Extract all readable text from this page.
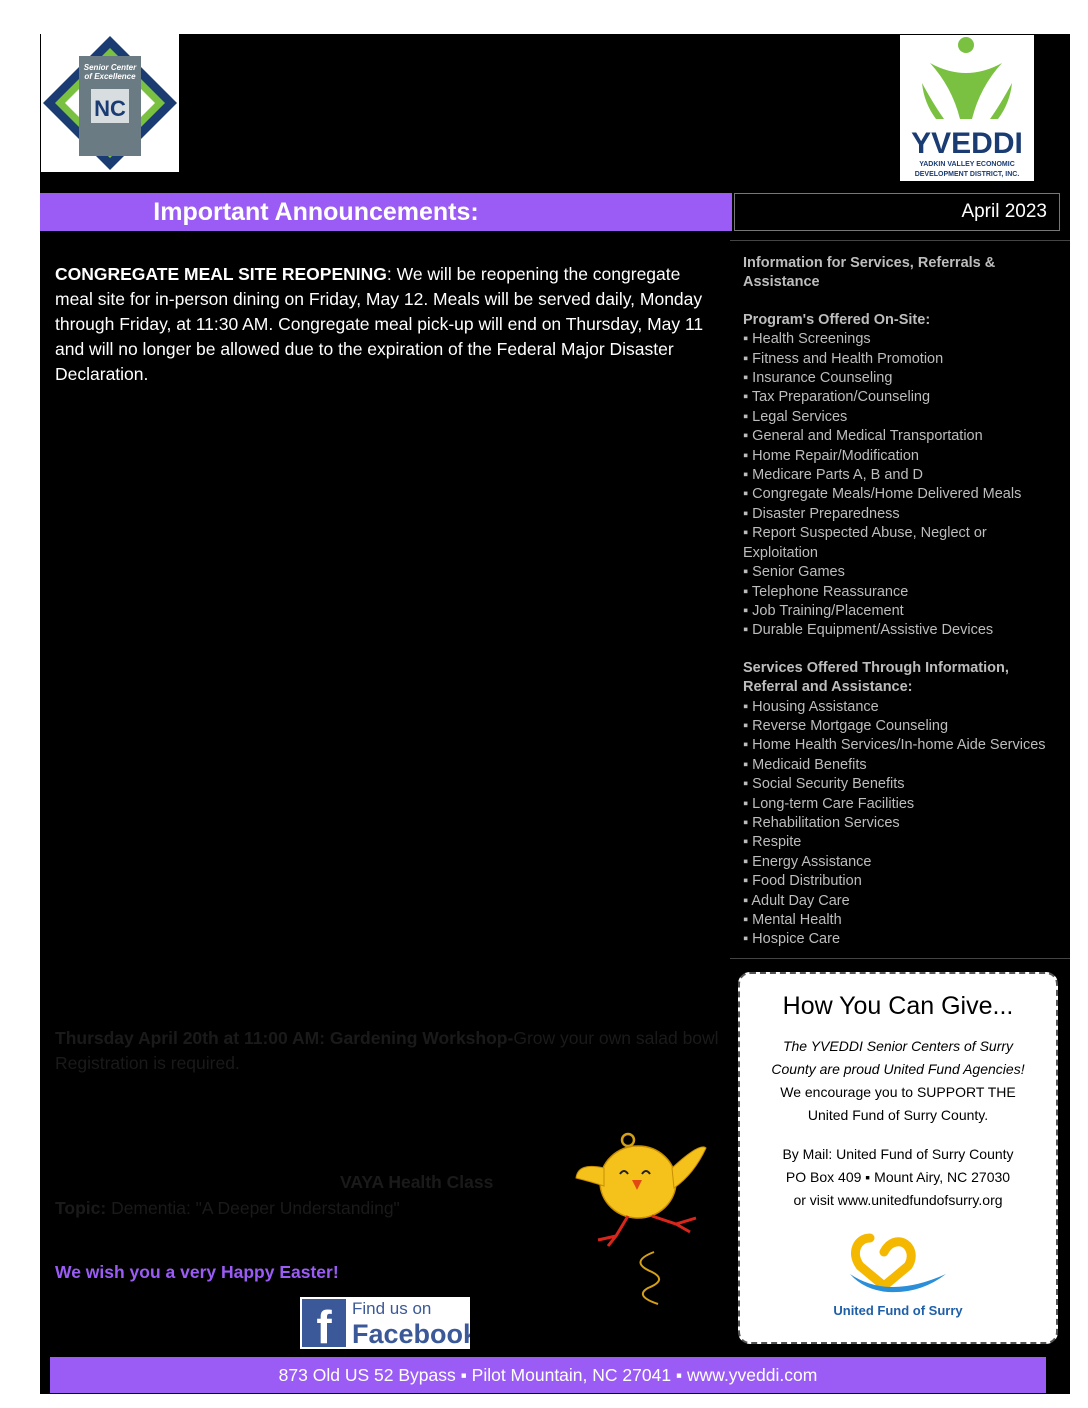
Senior Center
of Excellence
NC
YVEDDI
YADKIN VALLEY ECONOMIC
DEVELOPMENT DISTRICT, INC.
Important Announcements:	April 2023
CONGREGATE MEAL SITE REOPENING: We will be reopening the congregate meal site for in-person dining on Friday, May 12. Meals will be served daily, Monday through Friday, at 11:30 AM. Congregate meal pick-up will end on Thursday, May 11 and will no longer be allowed due to the expiration of the Federal Major Disaster Declaration.
Information for Services, Referrals & Assistance
Program's Offered On-Site:
▪ Health Screenings
▪ Fitness and Health Promotion
▪ Insurance Counseling
▪ Tax Preparation/Counseling
▪ Legal Services
▪ General and Medical Transportation
▪ Home Repair/Modification
▪ Medicare Parts A, B and D
▪ Congregate Meals/Home Delivered Meals
▪ Disaster Preparedness
▪ Report Suspected Abuse, Neglect or Exploitation
▪ Senior Games
▪ Telephone Reassurance
▪ Job Training/Placement
▪ Durable Equipment/Assistive Devices
Services Offered Through Information, Referral and Assistance:
▪ Housing Assistance
▪ Reverse Mortgage Counseling
▪ Home Health Services/In-home Aide Services
▪ Medicaid Benefits
▪ Social Security Benefits
▪ Long-term Care Facilities
▪ Rehabilitation Services
▪ Respite
▪ Energy Assistance
▪ Food Distribution
▪ Adult Day Care
▪ Mental Health
▪ Hospice Care
How You Can Give...
The YVEDDI Senior Centers of Surry
County are proud United Fund Agencies!
We encourage you to SUPPORT THE
United Fund of Surry County.
By Mail: United Fund of Surry County
PO Box 409 ▪ Mount Airy, NC 27030
or visit www.unitedfundofsurry.org
United Fund of Surry
Thursday April 20th at 11:00 AM: Gardening Workshop-Grow your own salad bowl
Registration is required.
VAYA Health Class
Topic: Dementia: "A Deeper Understanding"
We wish you a very Happy Easter!
f Find us on
Facebook
873 Old US 52 Bypass ▪ Pilot Mountain, NC 27041 ▪ www.yveddi.com
